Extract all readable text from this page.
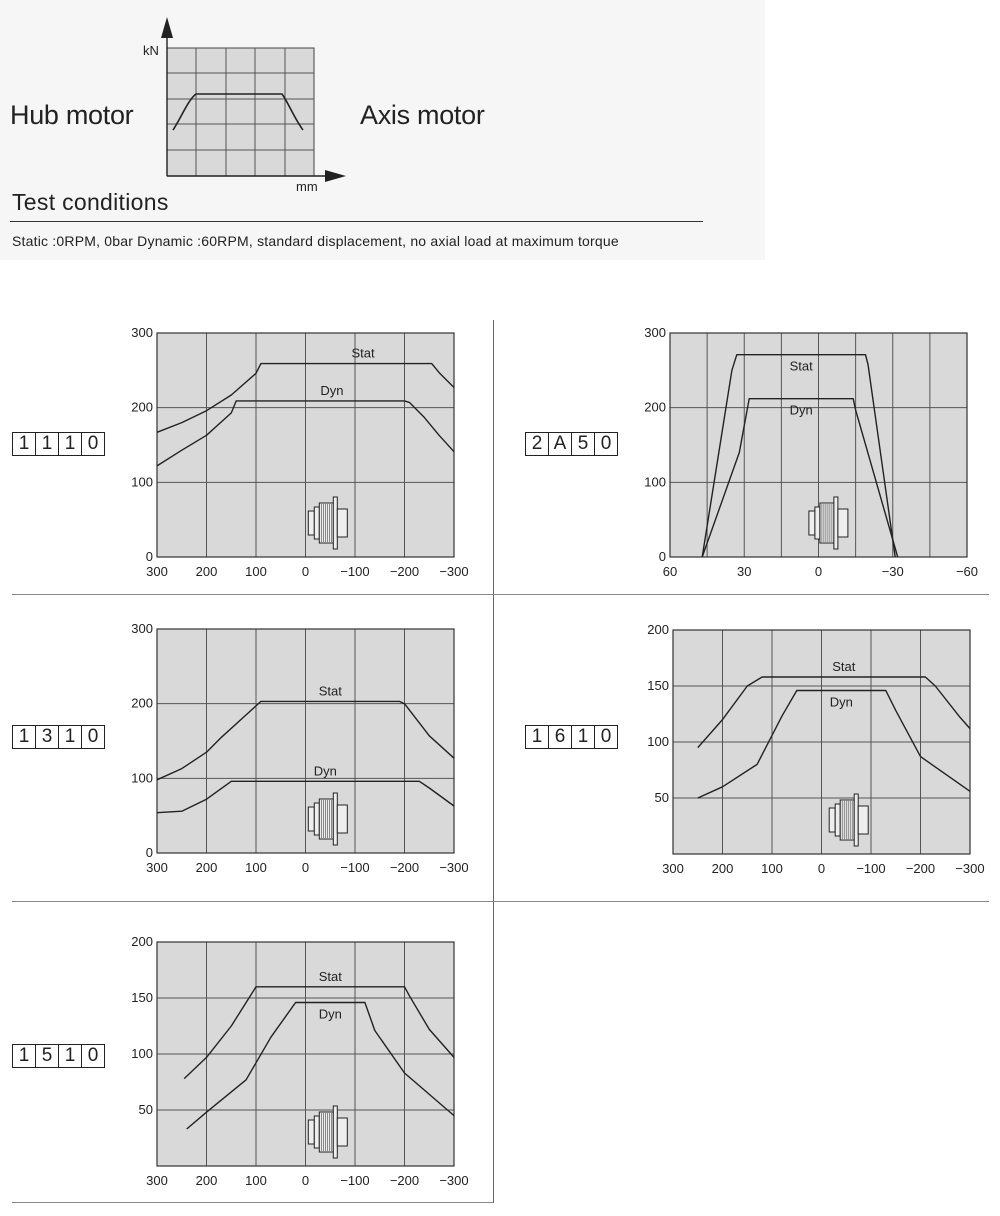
Hub motor	Axis motor
kN
mm
Test conditions
Static :0RPM, 0bar Dynamic :60RPM, standard displacement, no axial load at maximum torque
1 1 1 0
300 200 100	0 −100 −200 −300
0
100
200
300
Stat
Dyn
2 A 5 0
60	30	0	−30	−60
0
100
200
300
Stat
Dyn
1 3 1 0
300 200 100	0 −100 −200 −300
0
100
200
300
Stat
Dyn
1 6 1 0
300 200 100	0 −100 −200 −300
50
100
150
200
Stat
Dyn
1 5 1 0
300 200 100	0 −100 −200 −300
50
100
150
200
Stat
Dyn
